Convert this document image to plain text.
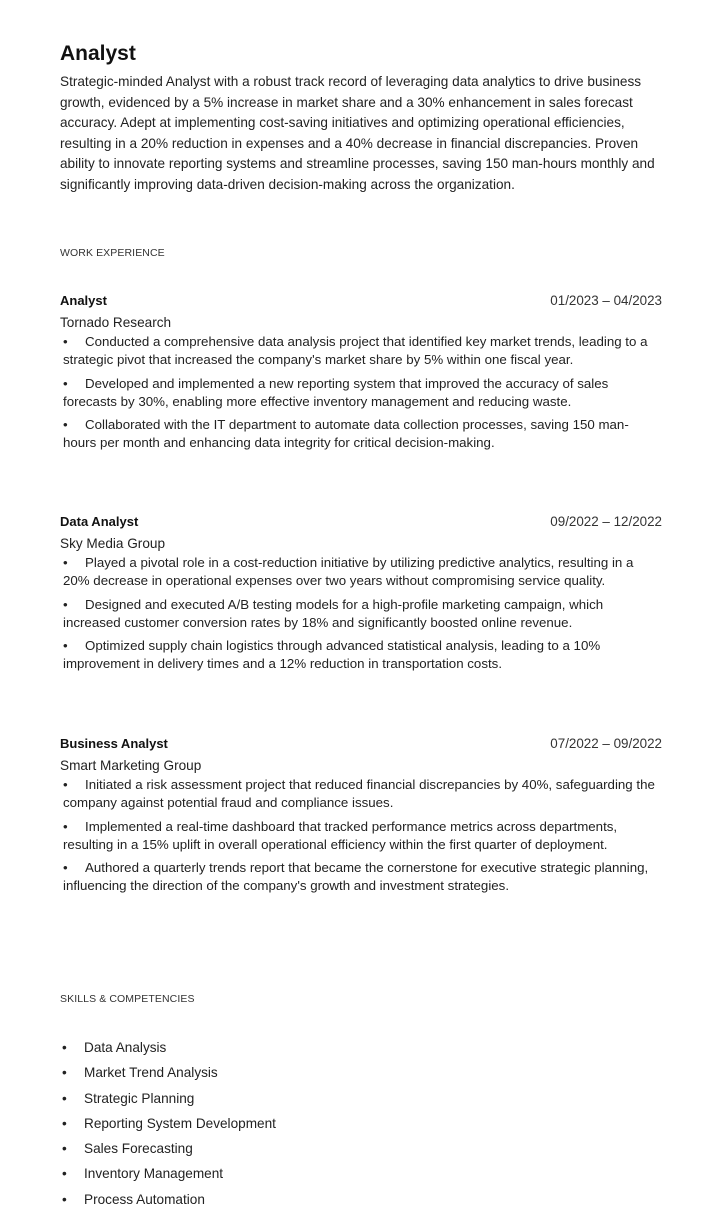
Analyst

Strategic-minded Analyst with a robust track record of leveraging data analytics to drive business growth, evidenced by a 5% increase in market share and a 30% enhancement in sales forecast accuracy. Adept at implementing cost-saving initiatives and optimizing operational efficiencies, resulting in a 20% reduction in expenses and a 40% decrease in financial discrepancies. Proven ability to innovate reporting systems and streamline processes, saving 150 man-hours monthly and significantly improving data-driven decision-making across the organization.

WORK EXPERIENCE
Analyst	01/2023 – 04/2023
Tornado Research
• Conducted a comprehensive data analysis project that identified key market trends, leading to a strategic pivot that increased the company's market share by 5% within one fiscal year.
• Developed and implemented a new reporting system that improved the accuracy of sales forecasts by 30%, enabling more effective inventory management and reducing waste.
• Collaborated with the IT department to automate data collection processes, saving 150 man-hours per month and enhancing data integrity for critical decision-making.
Data Analyst	09/2022 – 12/2022
Sky Media Group
• Played a pivotal role in a cost-reduction initiative by utilizing predictive analytics, resulting in a 20% decrease in operational expenses over two years without compromising service quality.
• Designed and executed A/B testing models for a high-profile marketing campaign, which increased customer conversion rates by 18% and significantly boosted online revenue.
• Optimized supply chain logistics through advanced statistical analysis, leading to a 10% improvement in delivery times and a 12% reduction in transportation costs.
Business Analyst	07/2022 – 09/2022
Smart Marketing Group
• Initiated a risk assessment project that reduced financial discrepancies by 40%, safeguarding the company against potential fraud and compliance issues.
• Implemented a real-time dashboard that tracked performance metrics across departments, resulting in a 15% uplift in overall operational efficiency within the first quarter of deployment.
• Authored a quarterly trends report that became the cornerstone for executive strategic planning, influencing the direction of the company's growth and investment strategies.
SKILLS & COMPETENCIES
• Data Analysis
• Market Trend Analysis
• Strategic Planning
• Reporting System Development
• Sales Forecasting
• Inventory Management
• Process Automation
